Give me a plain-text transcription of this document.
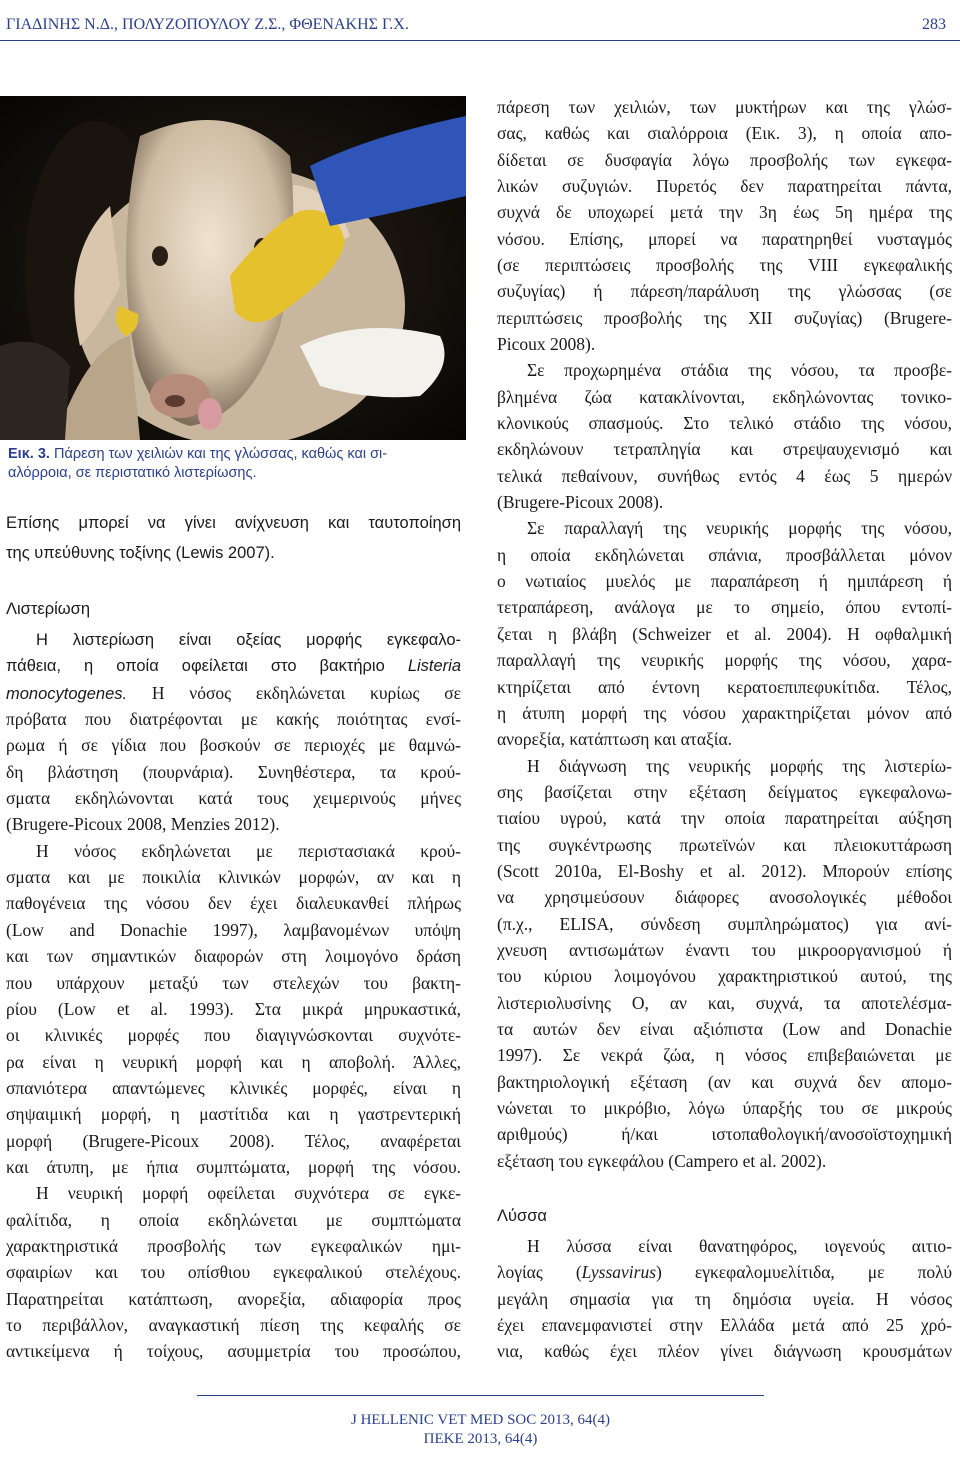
ΓΙΑΔΙΝΗΣ Ν.Δ., ΠΟΛΥΖΟΠΟΥΛΟΥ Ζ.Σ., ΦΘΕΝΑΚΗΣ Γ.Χ.	283
Εικ. 3. Πάρεση των χειλιών και της γλώσσας, καθώς και σι-
αλόρροια, σε περιστατικό λιστερίωσης.
Επίσης μπορεί να γίνει ανίχνευση και ταυτοποίηση
της υπεύθυνης τοξίνης (Lewis 2007).
Λιστερίωση
Η λιστερίωση είναι οξείας μορφής εγκεφαλο-
πάθεια, η οποία οφείλεται στο βακτήριο Listeria
monocytogenes. Η νόσος εκδηλώνεται κυρίως σε
πρόβατα που διατρέφονται με κακής ποιότητας ενσί-
ρωμα ή σε γίδια που βοσκούν σε περιοχές με θαμνώ-
δη βλάστηση (πουρνάρια). Συνηθέστερα, τα κρού-
σματα εκδηλώνονται κατά τους χειμερινούς μήνες
(Brugere-Picoux 2008, Menzies 2012).
Η νόσος εκδηλώνεται με περιστασιακά κρού-
σματα και με ποικιλία κλινικών μορφών, αν και η
παθογένεια της νόσου δεν έχει διαλευκανθεί πλήρως
(Low and Donachie 1997), λαμβανομένων υπόψη
και των σημαντικών διαφορών στη λοιμογόνο δράση
που υπάρχουν μεταξύ των στελεχών του βακτη-
ρίου (Low et al. 1993). Στα μικρά μηρυκαστικά,
οι κλινικές μορφές που διαγιγνώσκονται συχνότε-
ρα είναι η νευρική μορφή και η αποβολή. Άλλες,
σπανιότερα απαντώμενες κλινικές μορφές, είναι η
σηψαιμική μορφή, η μαστίτιδα και η γαστρεντερική
μορφή (Brugere-Picoux 2008). Τέλος, αναφέρεται
και άτυπη, με ήπια συμπτώματα, μορφή της νόσου.
Η νευρική μορφή οφείλεται συχνότερα σε εγκε-
φαλίτιδα, η οποία εκδηλώνεται με συμπτώματα
χαρακτηριστικά προσβολής των εγκεφαλικών ημι-
σφαιρίων και του οπίσθιου εγκεφαλικού στελέχους.
Παρατηρείται κατάπτωση, ανορεξία, αδιαφορία προς
το περιβάλλον, αναγκαστική πίεση της κεφαλής σε
αντικείμενα ή τοίχους, ασυμμετρία του προσώπου,
πάρεση των χειλιών, των μυκτήρων και της γλώσ-
σας, καθώς και σιαλόρροια (Εικ. 3), η οποία απο-
δίδεται σε δυσφαγία λόγω προσβολής των εγκεφα-
λικών συζυγιών. Πυρετός δεν παρατηρείται πάντα,
συχνά δε υποχωρεί μετά την 3η έως 5η ημέρα της
νόσου. Επίσης, μπορεί να παρατηρηθεί νυσταγμός
(σε περιπτώσεις προσβολής της VIII εγκεφαλικής
συζυγίας) ή πάρεση/παράλυση της γλώσσας (σε
περιπτώσεις προσβολής της ΧΙΙ συζυγίας) (Brugere-
Picoux 2008).
Σε προχωρημένα στάδια της νόσου, τα προσβε-
βλημένα ζώα κατακλίνονται, εκδηλώνοντας τονικο-
κλονικούς σπασμούς. Στο τελικό στάδιο της νόσου,
εκδηλώνουν τετραπληγία και στρεψαυχενισμό και
τελικά πεθαίνουν, συνήθως εντός 4 έως 5 ημερών
(Brugere-Picoux 2008).
Σε παραλλαγή της νευρικής μορφής της νόσου,
η οποία εκδηλώνεται σπάνια, προσβάλλεται μόνον
ο νωτιαίος μυελός με παραπάρεση ή ημιπάρεση ή
τετραπάρεση, ανάλογα με το σημείο, όπου εντοπί-
ζεται η βλάβη (Schweizer et al. 2004). Η οφθαλμική
παραλλαγή της νευρικής μορφής της νόσου, χαρα-
κτηρίζεται από έντονη κερατοεπιπεφυκίτιδα. Τέλος,
η άτυπη μορφή της νόσου χαρακτηρίζεται μόνον από
ανορεξία, κατάπτωση και αταξία.
Η διάγνωση της νευρικής μορφής της λιστερίω-
σης βασίζεται στην εξέταση δείγματος εγκεφαλονω-
τιαίου υγρού, κατά την οποία παρατηρείται αύξηση
της συγκέντρωσης πρωτεϊνών και πλειοκυττάρωση
(Scott 2010a, El-Boshy et al. 2012). Μπορούν επίσης
να χρησιμεύσουν διάφορες ανοσολογικές μέθοδοι
(π.χ., ELISA, σύνδεση συμπληρώματος) για ανί-
χνευση αντισωμάτων έναντι του μικροοργανισμού ή
του κύριου λοιμογόνου χαρακτηριστικού αυτού, της
λιστεριολυσίνης Ο, αν και, συχνά, τα αποτελέσμα-
τα αυτών δεν είναι αξιόπιστα (Low and Donachie
1997). Σε νεκρά ζώα, η νόσος επιβεβαιώνεται με
βακτηριολογική εξέταση (αν και συχνά δεν απομο-
νώνεται το μικρόβιο, λόγω ύπαρξής του σε μικρούς
αριθμούς) ή/και ιστοπαθολογική/ανοσοϊστοχημική
εξέταση του εγκεφάλου (Campero et al. 2002).
Λύσσα
Η λύσσα είναι θανατηφόρος, ιογενούς αιτιο-
λογίας (Lyssavirus) εγκεφαλομυελίτιδα, με πολύ
μεγάλη σημασία για τη δημόσια υγεία. Η νόσος
έχει επανεμφανιστεί στην Ελλάδα μετά από 25 χρό-
νια, καθώς έχει πλέον γίνει διάγνωση κρουσμάτων
J HELLENIC VET MED SOC 2013, 64(4)
ΠΕΚΕ 2013, 64(4)
